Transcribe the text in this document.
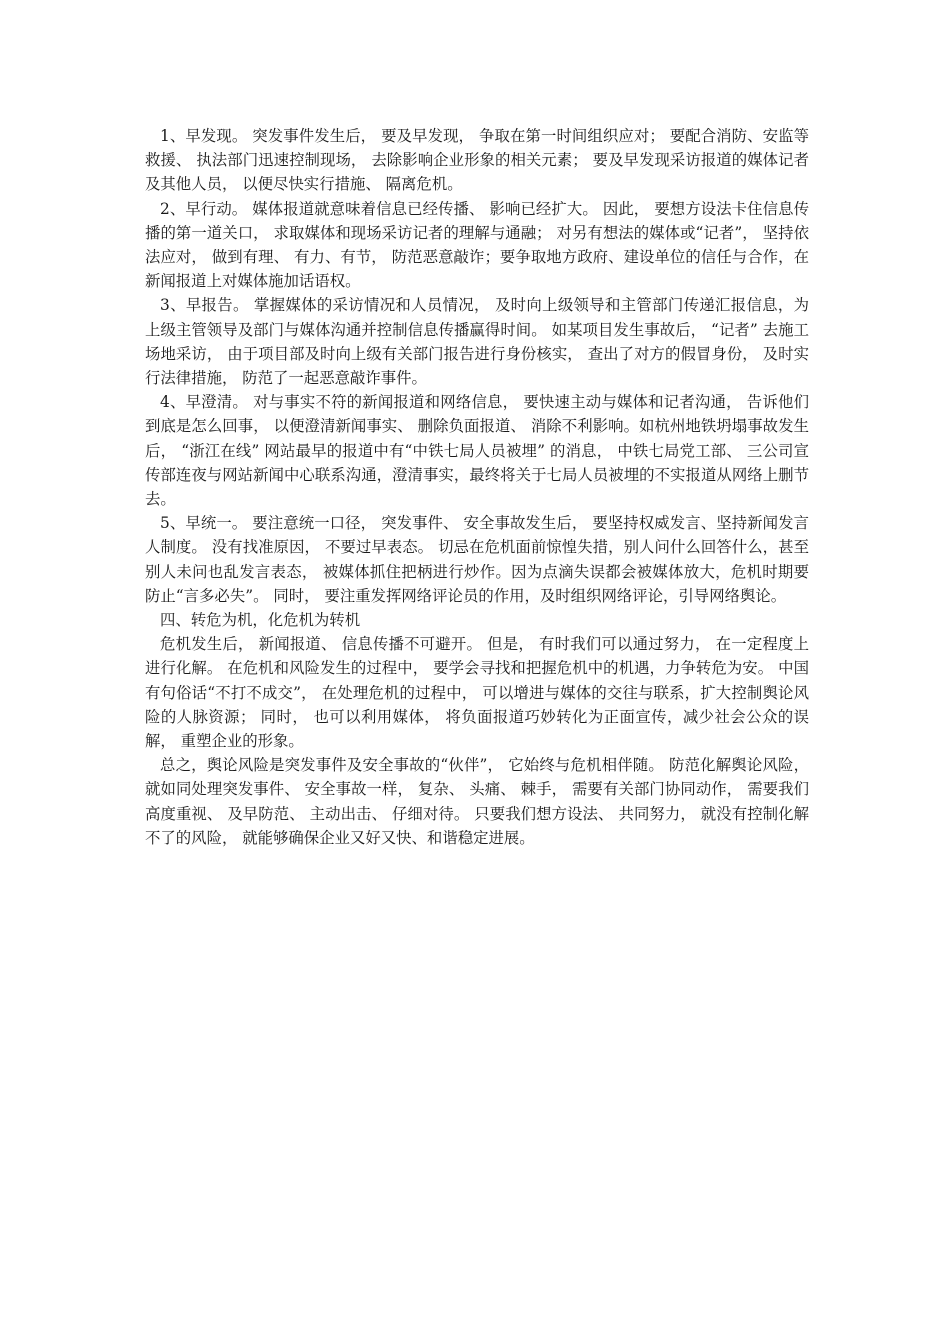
1、早发现。 突发事件发生后， 要及早发现， 争取在第一时间组织应对； 要配合消防、安监等救援、 执法部门迅速控制现场， 去除影响企业形象的相关元素； 要及早发现采访报道的媒体记者及其他人员， 以便尽快实行措施、 隔离危机。

2、早行动。 媒体报道就意味着信息已经传播、 影响已经扩大。 因此， 要想方设法卡住信息传播的第一道关口， 求取媒体和现场采访记者的理解与通融； 对另有想法的媒体或“记者”， 坚持依法应对， 做到有理、 有力、有节， 防范恶意敲诈；要争取地方政府、建设单位的信任与合作，在新闻报道上对媒体施加话语权。

3、早报告。 掌握媒体的采访情况和人员情况， 及时向上级领导和主管部门传递汇报信息，为上级主管领导及部门与媒体沟通并控制信息传播赢得时间。 如某项目发生事故后， “记者” 去施工场地采访， 由于项目部及时向上级有关部门报告进行身份核实， 查出了对方的假冒身份， 及时实行法律措施， 防范了一起恶意敲诈事件。

4、早澄清。 对与事实不符的新闻报道和网络信息， 要快速主动与媒体和记者沟通， 告诉他们到底是怎么回事， 以便澄清新闻事实、 删除负面报道、 消除不利影响。如杭州地铁坍塌事故发生后， “浙江在线” 网站最早的报道中有“中铁七局人员被埋” 的消息， 中铁七局党工部、 三公司宣传部连夜与网站新闻中心联系沟通，澄清事实，最终将关于七局人员被埋的不实报道从网络上删节去。

5、早统一。 要注意统一口径， 突发事件、 安全事故发生后， 要坚持权威发言、坚持新闻发言人制度。 没有找准原因， 不要过早表态。 切忌在危机面前惊惶失措，别人问什么回答什么，甚至别人未问也乱发言表态， 被媒体抓住把柄进行炒作。因为点滴失误都会被媒体放大，危机时期要防止“言多必失”。 同时， 要注重发挥网络评论员的作用，及时组织网络评论，引导网络舆论。

四、转危为机，化危机为转机

危机发生后， 新闻报道、 信息传播不可避开。 但是， 有时我们可以通过努力， 在一定程度上进行化解。 在危机和风险发生的过程中， 要学会寻找和把握危机中的机遇，力争转危为安。 中国有句俗话“不打不成交”， 在处理危机的过程中， 可以增进与媒体的交往与联系，扩大控制舆论风险的人脉资源； 同时， 也可以利用媒体， 将负面报道巧妙转化为正面宣传，减少社会公众的误解， 重塑企业的形象。

总之，舆论风险是突发事件及安全事故的“伙伴”， 它始终与危机相伴随。 防范化解舆论风险， 就如同处理突发事件、 安全事故一样， 复杂、 头痛、 棘手， 需要有关部门协同动作， 需要我们高度重视、 及早防范、 主动出击、 仔细对待。 只要我们想方设法、 共同努力， 就没有控制化解不了的风险， 就能够确保企业又好又快、和谐稳定进展。
